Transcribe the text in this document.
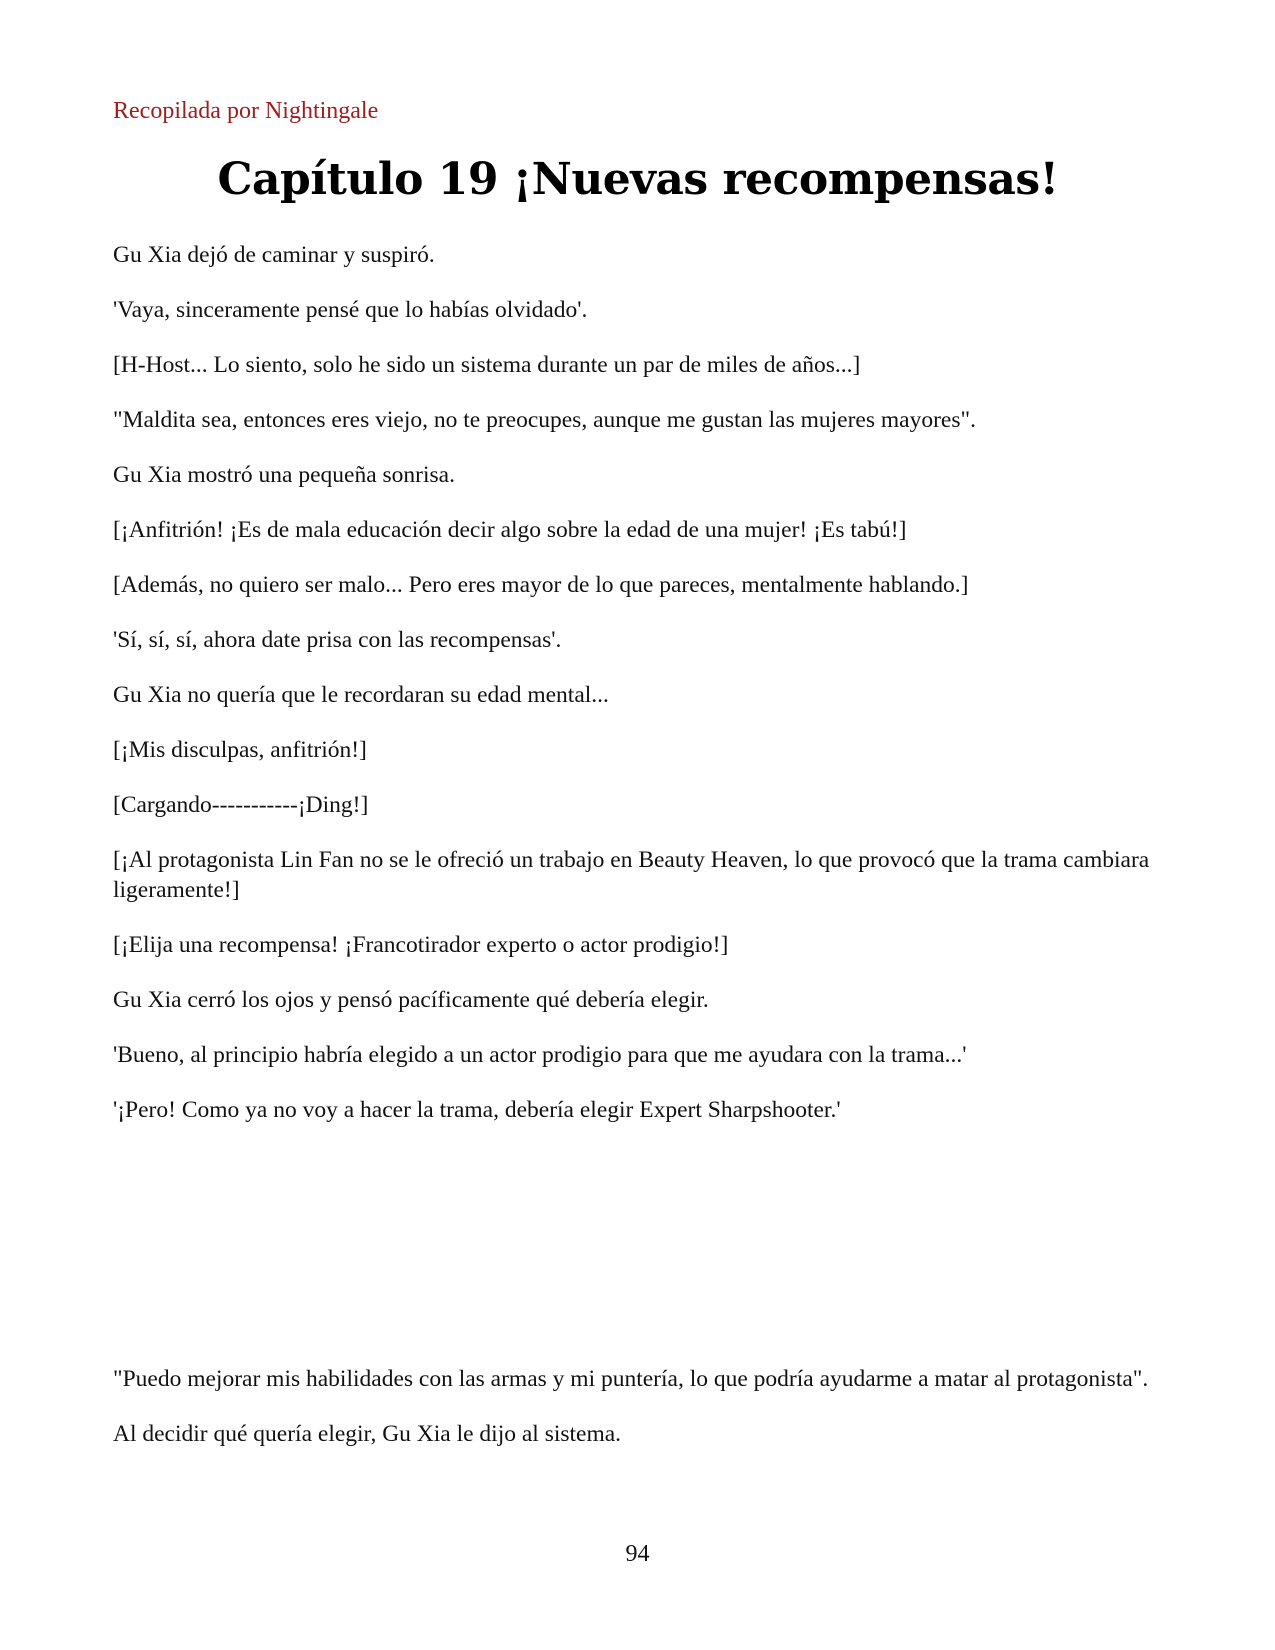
Recopilada por Nightingale

Capítulo 19 ¡Nuevas recompensas!

Gu Xia dejó de caminar y suspiró.

'Vaya, sinceramente pensé que lo habías olvidado'.

[H-Host... Lo siento, solo he sido un sistema durante un par de miles de años...]

"Maldita sea, entonces eres viejo, no te preocupes, aunque me gustan las mujeres mayores".

Gu Xia mostró una pequeña sonrisa.

[¡Anfitrión! ¡Es de mala educación decir algo sobre la edad de una mujer! ¡Es tabú!]

[Además, no quiero ser malo... Pero eres mayor de lo que pareces, mentalmente hablando.]

'Sí, sí, sí, ahora date prisa con las recompensas'.

Gu Xia no quería que le recordaran su edad mental...

[¡Mis disculpas, anfitrión!]

[Cargando-----------¡Ding!]

[¡Al protagonista Lin Fan no se le ofreció un trabajo en Beauty Heaven, lo que provocó que la trama cambiara ligeramente!]

[¡Elija una recompensa! ¡Francotirador experto o actor prodigio!]

Gu Xia cerró los ojos y pensó pacíficamente qué debería elegir.

'Bueno, al principio habría elegido a un actor prodigio para que me ayudara con la trama...'

'¡Pero! Como ya no voy a hacer la trama, debería elegir Expert Sharpshooter.'

"Puedo mejorar mis habilidades con las armas y mi puntería, lo que podría ayudarme a matar al protagonista".

Al decidir qué quería elegir, Gu Xia le dijo al sistema.

94
